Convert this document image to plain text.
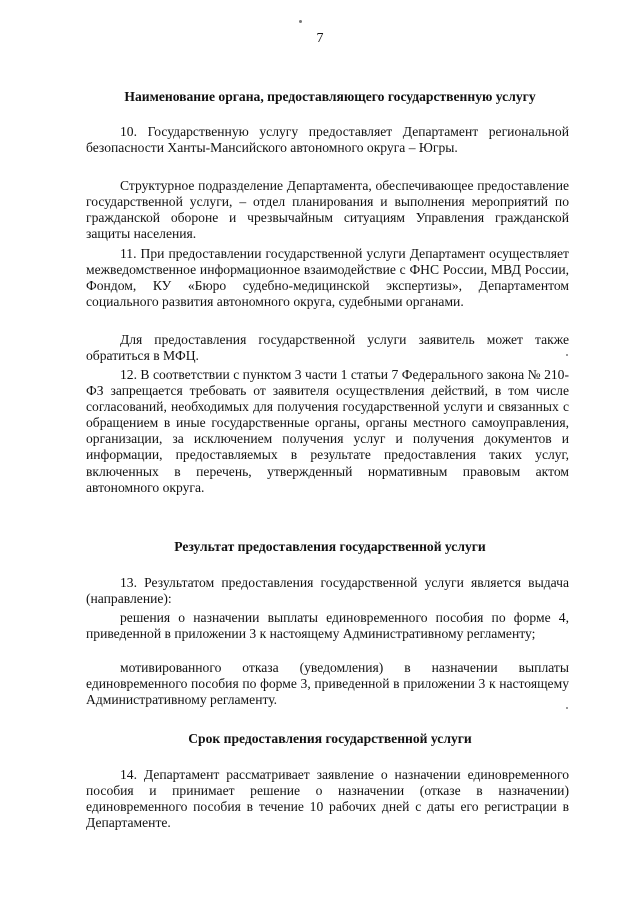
7
Наименование органа, предоставляющего государственную услугу

10. Государственную услугу предоставляет Департамент региональной безопасности Ханты-Мансийского автономного округа – Югры.

Структурное подразделение Департамента, обеспечивающее предоставление государственной услуги, – отдел планирования и выполнения мероприятий по гражданской обороне и чрезвычайным ситуациям Управления гражданской защиты населения.

11. При предоставлении государственной услуги Департамент осуществляет межведомственное информационное взаимодействие с ФНС России, МВД России, Фондом, КУ «Бюро судебно-медицинской экспертизы», Департаментом социального развития автономного округа, судебными органами.

Для предоставления государственной услуги заявитель может также обратиться в МФЦ.

12. В соответствии с пунктом 3 части 1 статьи 7 Федерального закона № 210-ФЗ запрещается требовать от заявителя осуществления действий, в том числе согласований, необходимых для получения государственной услуги и связанных с обращением в иные государственные органы, органы местного самоуправления, организации, за исключением получения услуг и получения документов и информации, предоставляемых в результате предоставления таких услуг, включенных в перечень, утвержденный нормативным правовым актом автономного округа.

Результат предоставления государственной услуги

13. Результатом предоставления государственной услуги является выдача (направление):

решения о назначении выплаты единовременного пособия по форме 4, приведенной в приложении 3 к настоящему Административному регламенту;

мотивированного отказа (уведомления) в назначении выплаты единовременного пособия по форме 3, приведенной в приложении 3 к настоящему Административному регламенту.

Срок предоставления государственной услуги

14. Департамент рассматривает заявление о назначении единовременного пособия и принимает решение о назначении (отказе в назначении) единовременного пособия в течение 10 рабочих дней с даты его регистрации в Департаменте.
